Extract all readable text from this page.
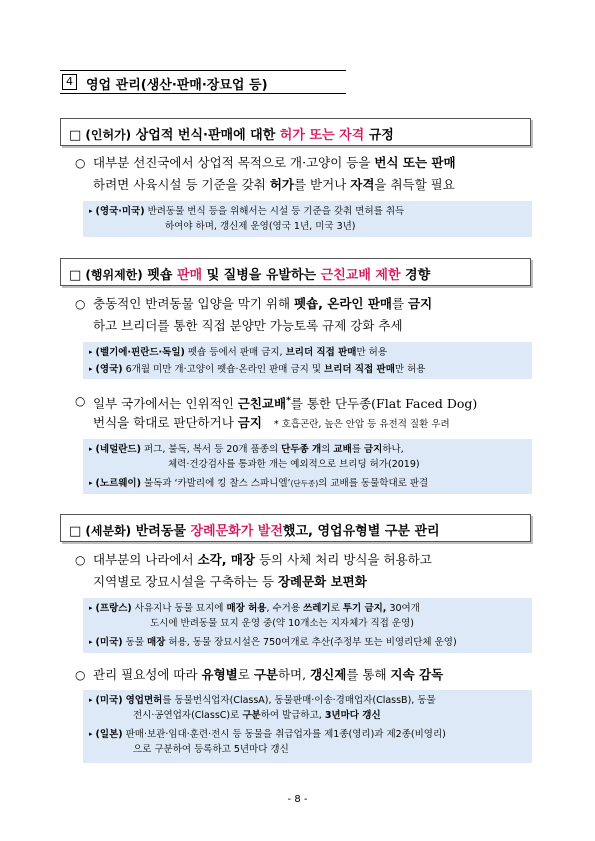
4	영업 관리(생산·판매·장묘업 등)
□ (인허가) 상업적 번식·판매에 대한 허가 또는 자격 규정
○ 대부분 선진국에서 상업적 목적으로 개·고양이 등을 번식 또는 판매
하려면 사육시설 등 기준을 갖춰 허가를 받거나 자격을 취득할 필요
▸ (영국·미국) 반려동물 번식 등을 위해서는 시설 등 기준을 갖춰 면허를 취득
하여야 하며, 갱신제 운영(영국 1년, 미국 3년)
□ (행위제한) 펫숍 판매 및 질병을 유발하는 근친교배 제한 경향
○ 충동적인 반려동물 입양을 막기 위해 펫숍, 온라인 판매를 금지
하고 브리더를 통한 직접 분양만 가능토록 규제 강화 추세
▸ (벨기에·핀란드·독일) 펫숍 등에서 판매 금지, 브리더 직접 판매만 허용
▸ (영국) 6개월 미만 개·고양이 펫숍·온라인 판매 금지 및 브리더 직접 판매만 허용
○ 일부 국가에서는 인위적인 근친교배*를 통한 단두종(Flat Faced Dog)
번식을 학대로 판단하거나 금지 * 호흡곤란, 높은 안압 등 유전적 질환 우려
▸ (네덜란드) 퍼그, 불독, 복서 등 20개 품종의 단두종 개의 교배를 금지하나,
체력·건강검사를 통과한 개는 예외적으로 브리딩 허가(2019)
▸ (노르웨이) 불독과 ‘카발리에 킹 찰스 스파니엘’(단두종)의 교배를 동물학대로 판결
□ (세분화) 반려동물 장례문화가 발전했고, 영업유형별 구분 관리
○ 대부분의 나라에서 소각, 매장 등의 사체 처리 방식을 허용하고
지역별로 장묘시설을 구축하는 등 장례문화 보편화
▸ (프랑스) 사유지나 동물 묘지에 매장 허용, 수거용 쓰레기로 투기 금지, 30여개
도시에 반려동물 묘지 운영 중(약 10개소는 지자체가 직접 운영)
▸ (미국) 동물 매장 허용, 동물 장묘시설은 750여개로 추산(주정부 또는 비영리단체 운영)
○ 관리 필요성에 따라 유형별로 구분하며, 갱신제를 통해 지속 감독
▸ (미국) 영업면허를 동물번식업자(ClassA), 동물판매·이송·경매업자(ClassB), 동물
전시·공연업자(ClassC)로 구분하여 발급하고, 3년마다 갱신
▸ (일본) 판매·보관·임대·훈련·전시 등 동물을 취급업자를 제1종(영리)과 제2종(비영리)
으로 구분하여 등록하고 5년마다 갱신
- 8 -
